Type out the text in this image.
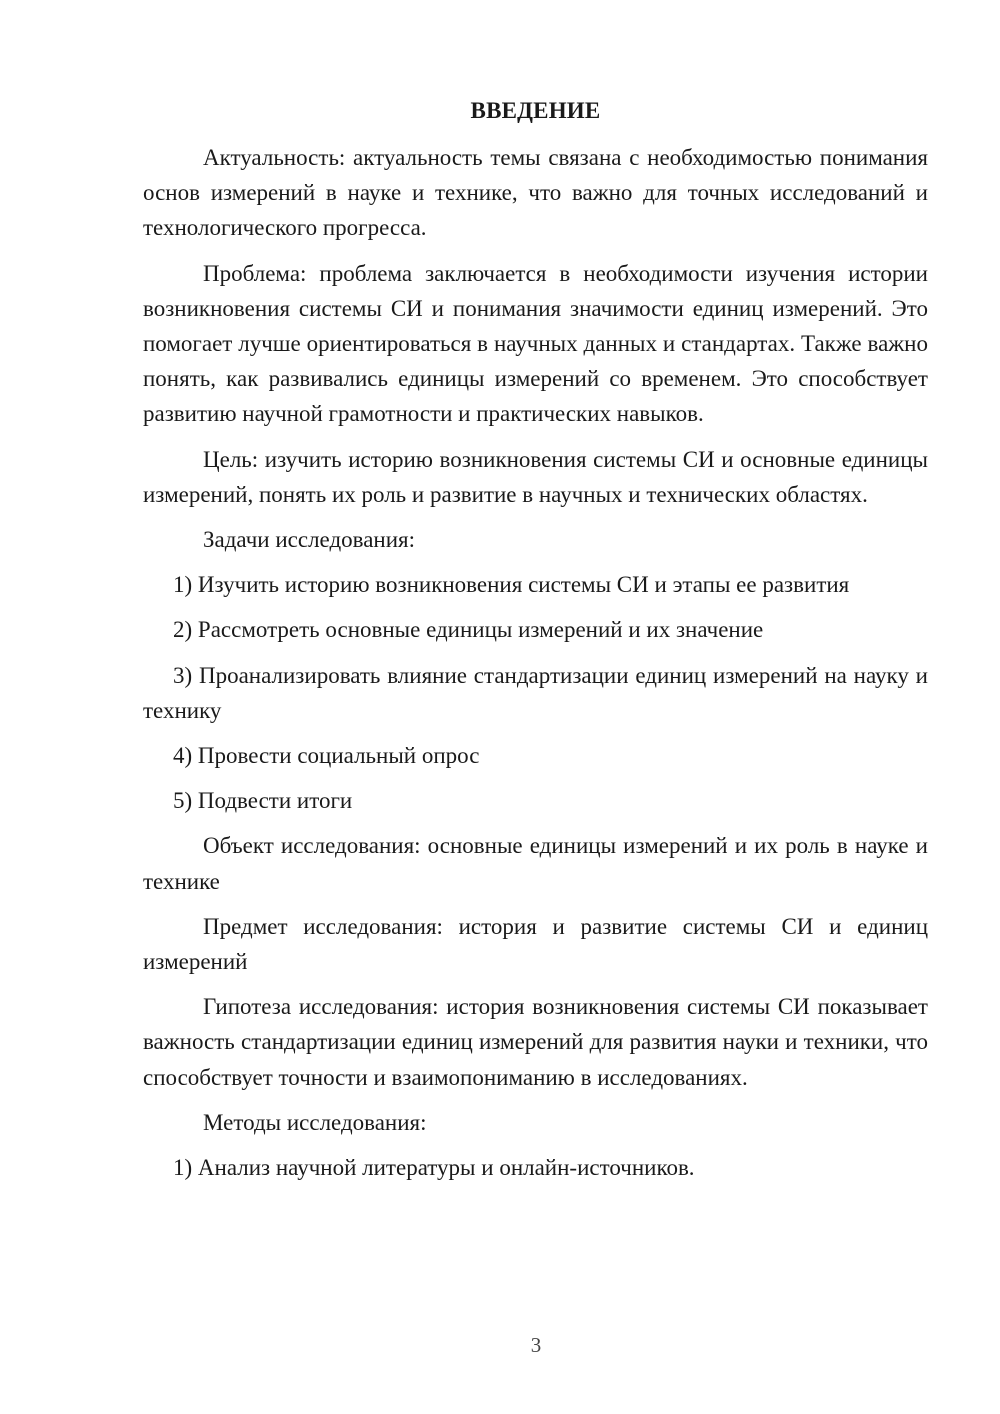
ВВЕДЕНИЕ

Актуальность: актуальность темы связана с необходимостью понимания основ измерений в науке и технике, что важно для точных исследований и технологического прогресса.

Проблема: проблема заключается в необходимости изучения истории возникновения системы СИ и понимания значимости единиц измерений. Это помогает лучше ориентироваться в научных данных и стандартах. Также важно понять, как развивались единицы измерений со временем. Это способствует развитию научной грамотности и практических навыков.

Цель: изучить историю возникновения системы СИ и основные единицы измерений, понять их роль и развитие в научных и технических областях.

Задачи исследования:

1) Изучить историю возникновения системы СИ и этапы ее развития

2) Рассмотреть основные единицы измерений и их значение

3) Проанализировать влияние стандартизации единиц измерений на науку и технику

4) Провести социальный опрос

5) Подвести итоги

Объект исследования: основные единицы измерений и их роль в науке и технике

Предмет исследования: история и развитие системы СИ и единиц измерений

Гипотеза исследования: история возникновения системы СИ показывает важность стандартизации единиц измерений для развития науки и техники, что способствует точности и взаимопониманию в исследованиях.

Методы исследования:

1) Анализ научной литературы и онлайн-источников.

3
